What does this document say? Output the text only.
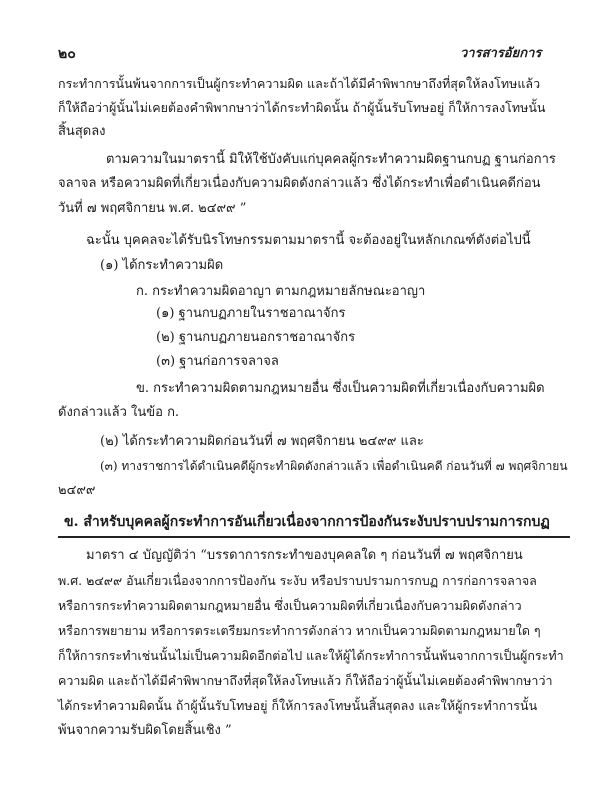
๒๐	วารสารอัยการ
กระทำการนั้นพ้นจากการเป็นผู้กระทำความผิด และถ้าได้มีคำพิพากษาถึงที่สุดให้ลงโทษแล้ว
ก็ให้ถือว่าผู้นั้นไม่เคยต้องคำพิพากษาว่าได้กระทำผิดนั้น ถ้าผู้นั้นรับโทษอยู่ ก็ให้การลงโทษนั้น
สิ้นสุดลง
ตามความในมาตรานี้ มิให้ใช้บังคับแก่บุคคลผู้กระทำความผิดฐานกบฏ ฐานก่อการ
จลาจล หรือความผิดที่เกี่ยวเนื่องกับความผิดดังกล่าวแล้ว ซึ่งได้กระทำเพื่อดำเนินคดีก่อน
วันที่ ๗ พฤศจิกายน พ.ศ. ๒๔๙๙ ”
ฉะนั้น บุคคลจะได้รับนิรโทษกรรมตามมาตรานี้ จะต้องอยู่ในหลักเกณฑ์ดังต่อไปนี้
(๑) ได้กระทำความผิด
ก. กระทำความผิดอาญา ตามกฎหมายลักษณะอาญา
(๑) ฐานกบฏภายในราชอาณาจักร
(๒) ฐานกบฏภายนอกราชอาณาจักร
(๓) ฐานก่อการจลาจล
ข. กระทำความผิดตามกฎหมายอื่น ซึ่งเป็นความผิดที่เกี่ยวเนื่องกับความผิด
ดังกล่าวแล้ว ในข้อ ก.
(๒) ได้กระทำความผิดก่อนวันที่ ๗ พฤศจิกายน ๒๔๙๙ และ
(๓) ทางราชการได้ดำเนินคดีผู้กระทำผิดดังกล่าวแล้ว เพื่อดำเนินคดี ก่อนวันที่ ๗ พฤศจิกายน
๒๔๙๙
ข. สำหรับบุคคลผู้กระทำการอันเกี่ยวเนื่องจากการป้องกันระงับปราบปรามการกบฏ
มาตรา ๔ บัญญัติว่า “บรรดาการกระทำของบุคคลใด ๆ ก่อนวันที่ ๗ พฤศจิกายน
พ.ศ. ๒๔๙๙ อันเกี่ยวเนื่องจากการป้องกัน ระงับ หรือปราบปรามการกบฏ การก่อการจลาจล
หรือการกระทำความผิดตามกฎหมายอื่น ซึ่งเป็นความผิดที่เกี่ยวเนื่องกับความผิดดังกล่าว
หรือการพยายาม หรือการตระเตรียมกระทำการดังกล่าว หากเป็นความผิดตามกฎหมายใด ๆ
ก็ให้การกระทำเช่นนั้นไม่เป็นความผิดอีกต่อไป และให้ผู้ได้กระทำการนั้นพ้นจากการเป็นผู้กระทำ
ความผิด และถ้าได้มีคำพิพากษาถึงที่สุดให้ลงโทษแล้ว ก็ให้ถือว่าผู้นั้นไม่เคยต้องคำพิพากษาว่า
ได้กระทำความผิดนั้น ถ้าผู้นั้นรับโทษอยู่ ก็ให้การลงโทษนั้นสิ้นสุดลง และให้ผู้กระทำการนั้น
พ้นจากความรับผิดโดยสิ้นเชิง ”
